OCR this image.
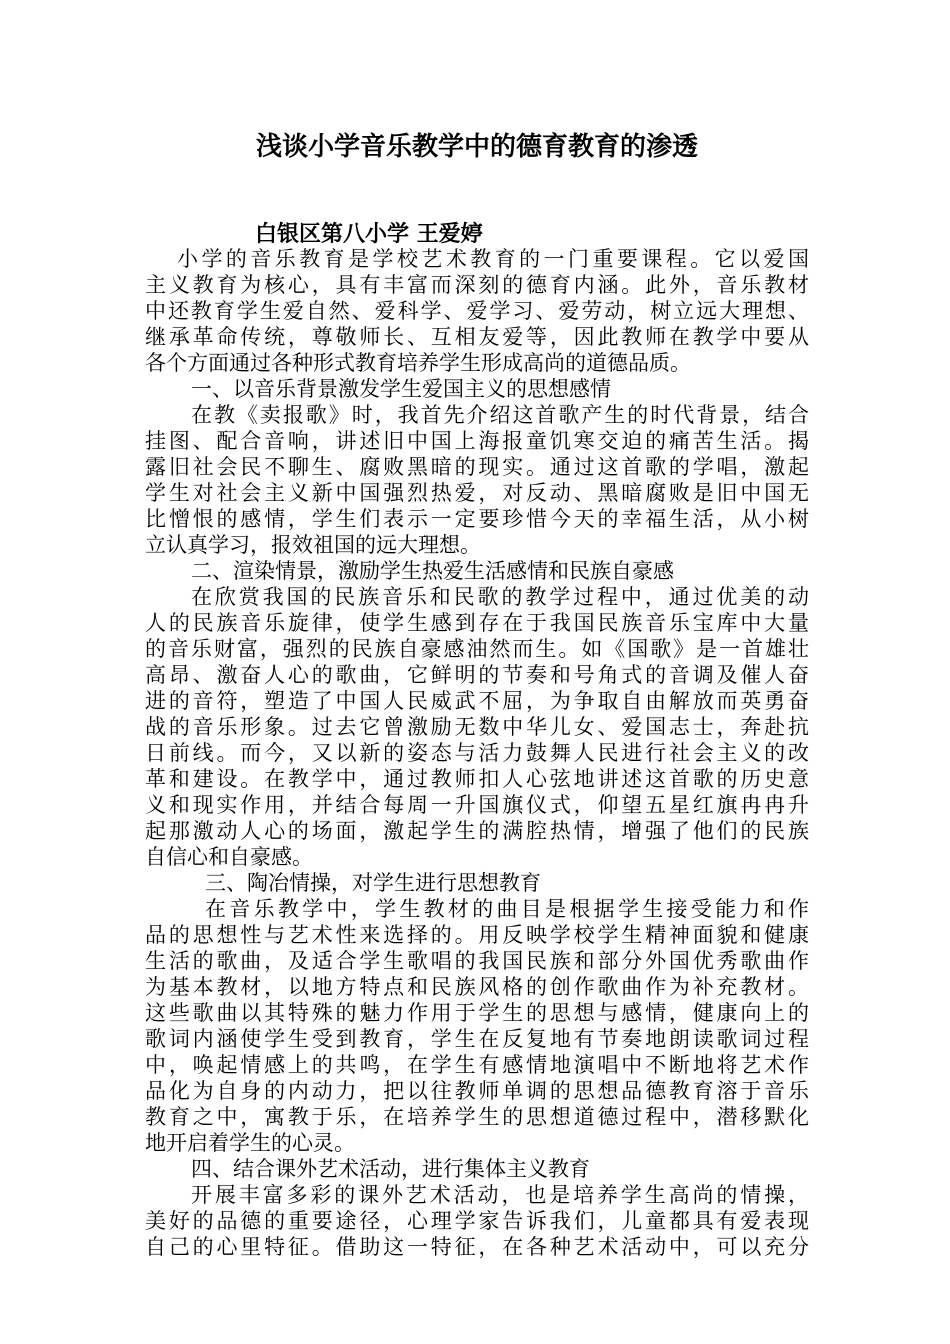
浅谈小学音乐教学中的德育教育的渗透
白银区第八小学 王爱婷
小学的音乐教育是学校艺术教育的一门重要课程。它以爱国
主义教育为核心，具有丰富而深刻的德育内涵。此外，音乐教材
中还教育学生爱自然、爱科学、爱学习、爱劳动，树立远大理想、
继承革命传统，尊敬师长、互相友爱等，因此教师在教学中要从
各个方面通过各种形式教育培养学生形成高尚的道德品质。
一、以音乐背景激发学生爱国主义的思想感情
在教《卖报歌》时，我首先介绍这首歌产生的时代背景，结合
挂图、配合音响，讲述旧中国上海报童饥寒交迫的痛苦生活。揭
露旧社会民不聊生、腐败黑暗的现实。通过这首歌的学唱，激起
学生对社会主义新中国强烈热爱，对反动、黑暗腐败是旧中国无
比憎恨的感情，学生们表示一定要珍惜今天的幸福生活，从小树
立认真学习，报效祖国的远大理想。
二、渲染情景，激励学生热爱生活感情和民族自豪感
在欣赏我国的民族音乐和民歌的教学过程中，通过优美的动
人的民族音乐旋律，使学生感到存在于我国民族音乐宝库中大量
的音乐财富，强烈的民族自豪感油然而生。如《国歌》是一首雄壮
高昂、激奋人心的歌曲，它鲜明的节奏和号角式的音调及催人奋
进的音符，塑造了中国人民威武不屈，为争取自由解放而英勇奋
战的音乐形象。过去它曾激励无数中华儿女、爱国志士，奔赴抗
日前线。而今，又以新的姿态与活力鼓舞人民进行社会主义的改
革和建设。在教学中，通过教师扣人心弦地讲述这首歌的历史意
义和现实作用，并结合每周一升国旗仪式，仰望五星红旗冉冉升
起那激动人心的场面，激起学生的满腔热情，增强了他们的民族
自信心和自豪感。
三、陶冶情操，对学生进行思想教育
在音乐教学中，学生教材的曲目是根据学生接受能力和作
品的思想性与艺术性来选择的。用反映学校学生精神面貌和健康
生活的歌曲，及适合学生歌唱的我国民族和部分外国优秀歌曲作
为基本教材，以地方特点和民族风格的创作歌曲作为补充教材。
这些歌曲以其特殊的魅力作用于学生的思想与感情，健康向上的
歌词内涵使学生受到教育，学生在反复地有节奏地朗读歌词过程
中，唤起情感上的共鸣，在学生有感情地演唱中不断地将艺术作
品化为自身的内动力，把以往教师单调的思想品德教育溶于音乐
教育之中，寓教于乐，在培养学生的思想道德过程中，潜移默化
地开启着学生的心灵。
四、结合课外艺术活动，进行集体主义教育
开展丰富多彩的课外艺术活动，也是培养学生高尚的情操，
美好的品德的重要途径，心理学家告诉我们，儿童都具有爱表现
自己的心里特征。借助这一特征，在各种艺术活动中，可以充分
